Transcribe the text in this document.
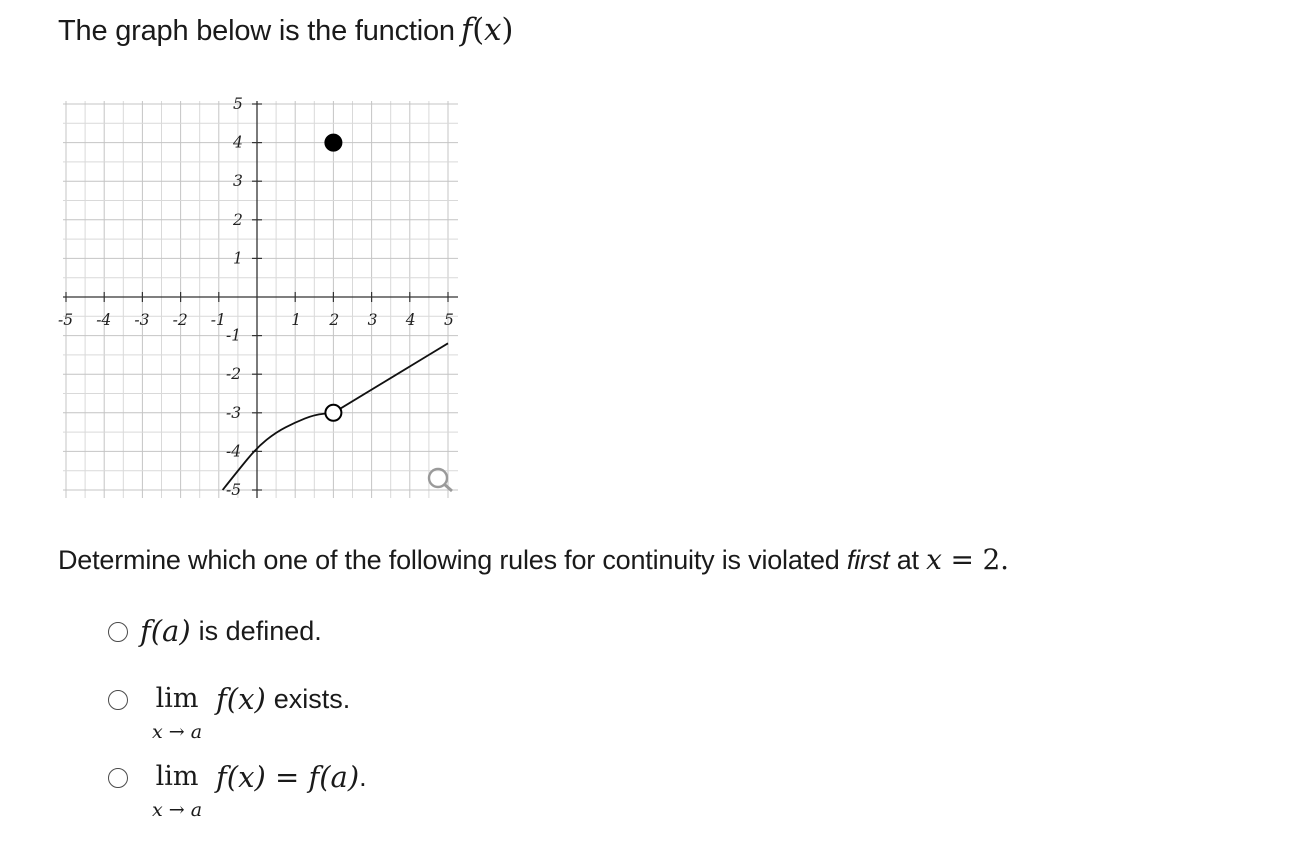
The graph below is the function f(x)
-5 -4 -3 -2 -1	1 2 3 4 5
5
4
3
2
1
-1
-2
-3
-4
-5
Determine which one of the following rules for continuity is violated first at x = 2.
f(a) is defined.
lim
x → a
f(x) exists.
lim
x → a
f(x) = f(a) .
